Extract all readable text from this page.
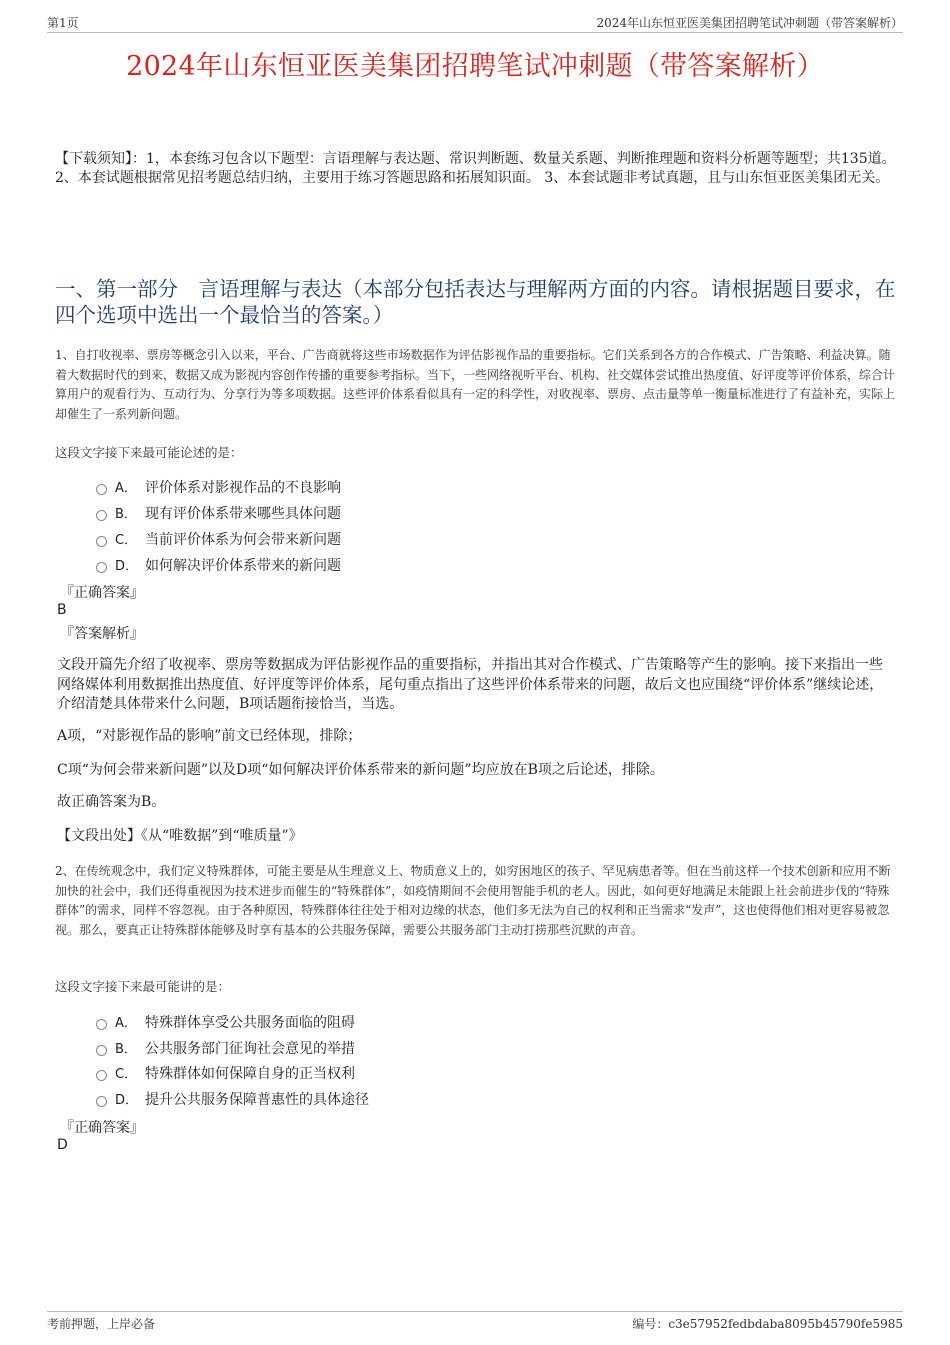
第1页	2024年山东恒亚医美集团招聘笔试冲刺题（带答案解析）
2024年山东恒亚医美集团招聘笔试冲刺题（带答案解析）
【下载须知】：1，本套练习包含以下题型：言语理解与表达题、常识判断题、数量关系题、判断推理题和资料分析题等题型；共135道。 2、本套试题根据常见招考题总结归纳，主要用于练习答题思路和拓展知识面。 3、本套试题非考试真题，且与山东恒亚医美集团无关。
一、第一部分　言语理解与表达（本部分包括表达与理解两方面的内容。请根据题目要求，在四个选项中选出一个最恰当的答案。）
1、自打收视率、票房等概念引入以来，平台、广告商就将这些市场数据作为评估影视作品的重要指标。它们关系到各方的合作模式、广告策略、利益决算。随着大数据时代的到来，数据又成为影视内容创作传播的重要参考指标。当下，一些网络视听平台、机构、社交媒体尝试推出热度值、好评度等评价体系，综合计算用户的观看行为、互动行为、分享行为等多项数据。这些评价体系看似具有一定的科学性，对收视率、票房、点击量等单一衡量标准进行了有益补充，实际上却催生了一系列新问题。
这段文字接下来最可能论述的是：
A． 评价体系对影视作品的不良影响
B． 现有评价体系带来哪些具体问题
C． 当前评价体系为何会带来新问题
D． 如何解决评价体系带来的新问题
『正确答案』
B
『答案解析』
文段开篇先介绍了收视率、票房等数据成为评估影视作品的重要指标，并指出其对合作模式、广告策略等产生的影响。接下来指出一些网络媒体利用数据推出热度值、好评度等评价体系，尾句重点指出了这些评价体系带来的问题，故后文也应围绕“评价体系”继续论述，介绍清楚具体带来什么问题，B项话题衔接恰当，当选。
A项，“对影视作品的影响”前文已经体现，排除；
C项“为何会带来新问题”以及D项“如何解决评价体系带来的新问题”均应放在B项之后论述，排除。
故正确答案为B。
【文段出处】《从“唯数据”到“唯质量”》
2、在传统观念中，我们定义特殊群体，可能主要是从生理意义上、物质意义上的，如穷困地区的孩子、罕见病患者等。但在当前这样一个技术创新和应用不断加快的社会中，我们还得重视因为技术进步而催生的“特殊群体”，如疫情期间不会使用智能手机的老人。因此，如何更好地满足未能跟上社会前进步伐的“特殊群体”的需求，同样不容忽视。由于各种原因，特殊群体往往处于相对边缘的状态，他们多无法为自己的权利和正当需求“发声”，这也使得他们相对更容易被忽视。那么，要真正让特殊群体能够及时享有基本的公共服务保障，需要公共服务部门主动打捞那些沉默的声音。
这段文字接下来最可能讲的是：
A． 特殊群体享受公共服务面临的阻碍
B． 公共服务部门征询社会意见的举措
C． 特殊群体如何保障自身的正当权利
D． 提升公共服务保障普惠性的具体途径
『正确答案』
D
考前押题，上岸必备	编号：c3e57952fedbdaba8095b45790fe5985
